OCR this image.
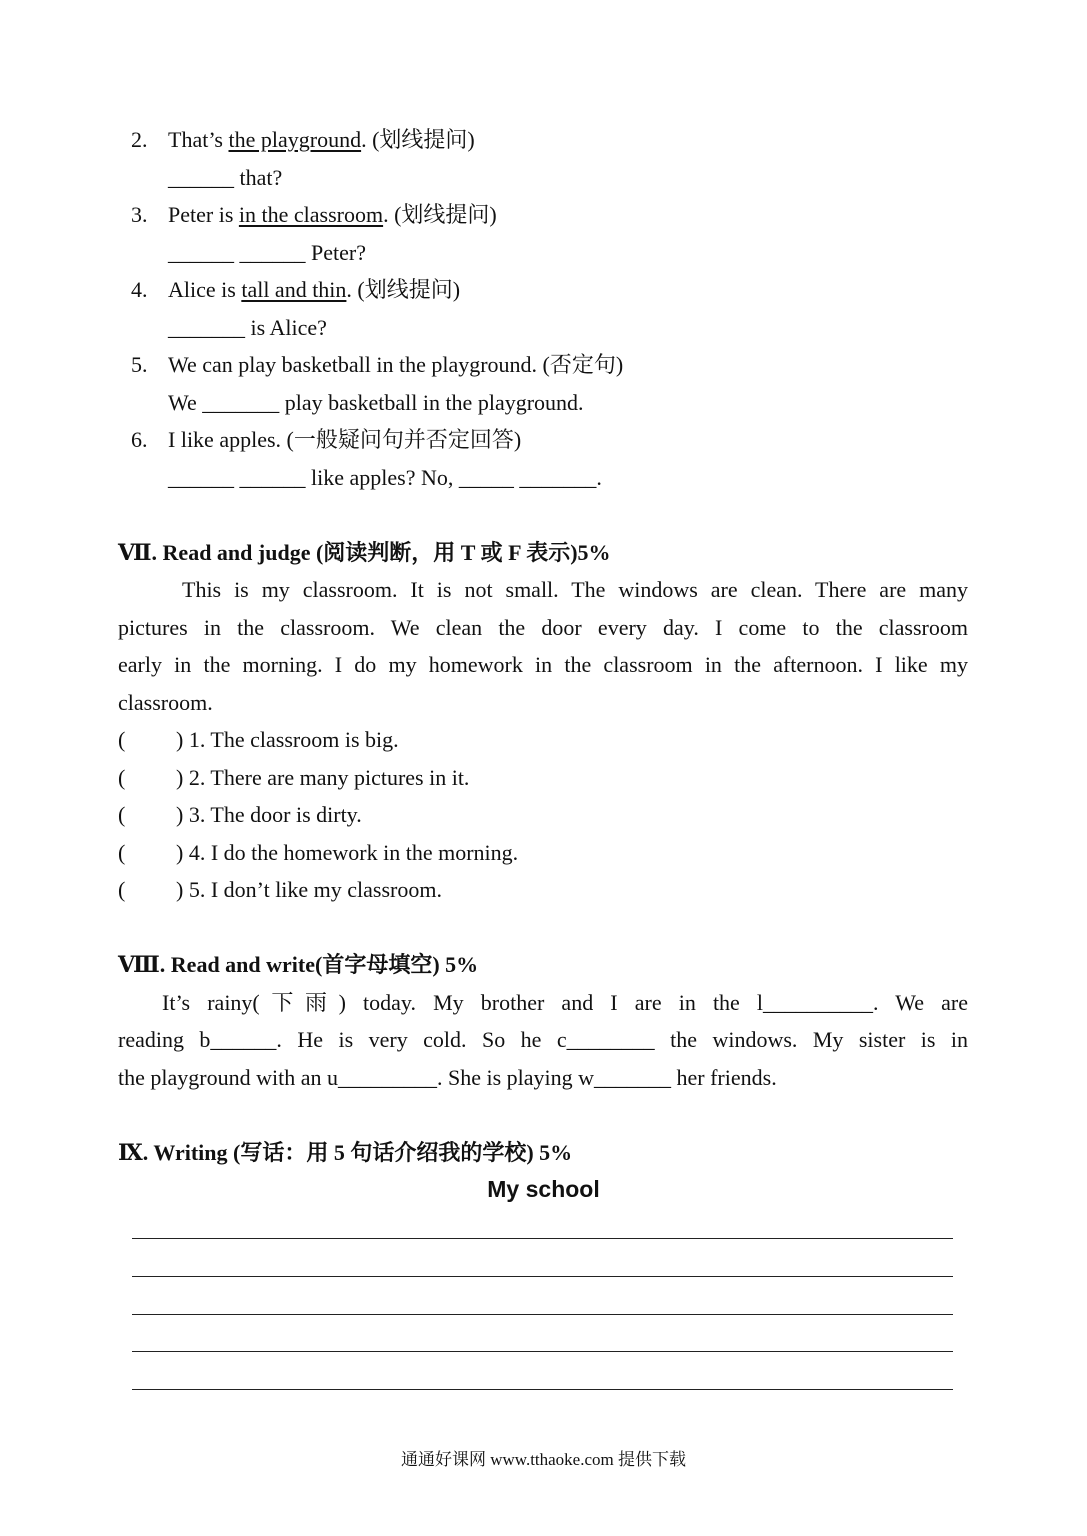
2. That’s the playground. (划线提问)
______ that?
3. Peter is in the classroom. (划线提问)
______ ______ Peter?
4. Alice is tall and thin. (划线提问)
_______ is Alice?
5. We can play basketball in the playground. (否定句)
We _______ play basketball in the playground.
6. I like apples. (一般疑问句并否定回答)
______ ______ like apples? No, _____ _______.
Ⅶ. Read and judge (阅读判断，用 T 或 F 表示)5%
This is my classroom. It is not small. The windows are clean. There are many
pictures in the classroom. We clean the door every day. I come to the classroom
early in the morning. I do my homework in the classroom in the afternoon. I like my
classroom.
( ) 1. The classroom is big.
( ) 2. There are many pictures in it.
( ) 3. The door is dirty.
( ) 4. I do the homework in the morning.
( ) 5. I don’t like my classroom.
Ⅷ. Read and write(首字母填空) 5%
It’s rainy(下雨) today. My brother and I are in the l__________. We are
reading b______. He is very cold. So he c________ the windows. My sister is in
the playground with an u_________. She is playing w_______ her friends.
Ⅸ. Writing (写话：用 5 句话介绍我的学校) 5%
My school
通通好课网 www.tthaoke.com 提供下载
